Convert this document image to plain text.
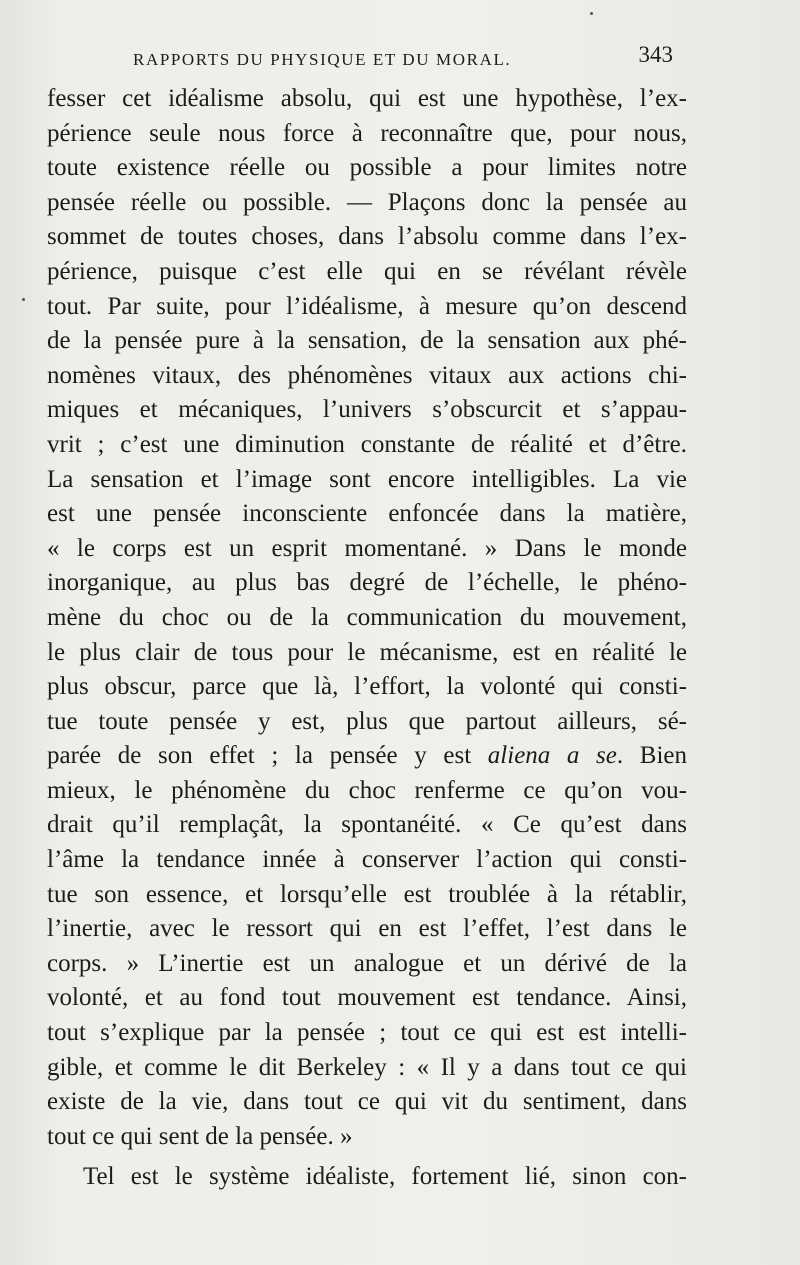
RAPPORTS DU PHYSIQUE ET DU MORAL.	343
fesser cet idéalisme absolu, qui est une hypothèse, l’ex-
périence seule nous force à reconnaître que, pour nous,
toute existence réelle ou possible a pour limites notre
pensée réelle ou possible. — Plaçons donc la pensée au
sommet de toutes choses, dans l’absolu comme dans l’ex-
périence, puisque c’est elle qui en se révélant révèle
tout. Par suite, pour l’idéalisme, à mesure qu’on descend
de la pensée pure à la sensation, de la sensation aux phé-
nomènes vitaux, des phénomènes vitaux aux actions chi-
miques et mécaniques, l’univers s’obscurcit et s’appau-
vrit ; c’est une diminution constante de réalité et d’être.
La sensation et l’image sont encore intelligibles. La vie
est une pensée inconsciente enfoncée dans la matière,
« le corps est un esprit momentané. » Dans le monde
inorganique, au plus bas degré de l’échelle, le phéno-
mène du choc ou de la communication du mouvement,
le plus clair de tous pour le mécanisme, est en réalité le
plus obscur, parce que là, l’effort, la volonté qui consti-
tue toute pensée y est, plus que partout ailleurs, sé-
parée de son effet ; la pensée y est aliena a se. Bien
mieux, le phénomène du choc renferme ce qu’on vou-
drait qu’il remplaçât, la spontanéité. « Ce qu’est dans
l’âme la tendance innée à conserver l’action qui consti-
tue son essence, et lorsqu’elle est troublée à la rétablir,
l’inertie, avec le ressort qui en est l’effet, l’est dans le
corps. » L’inertie est un analogue et un dérivé de la
volonté, et au fond tout mouvement est tendance. Ainsi,
tout s’explique par la pensée ; tout ce qui est est intelli-
gible, et comme le dit Berkeley : « Il y a dans tout ce qui
existe de la vie, dans tout ce qui vit du sentiment, dans
tout ce qui sent de la pensée. »
Tel est le système idéaliste, fortement lié, sinon con-
